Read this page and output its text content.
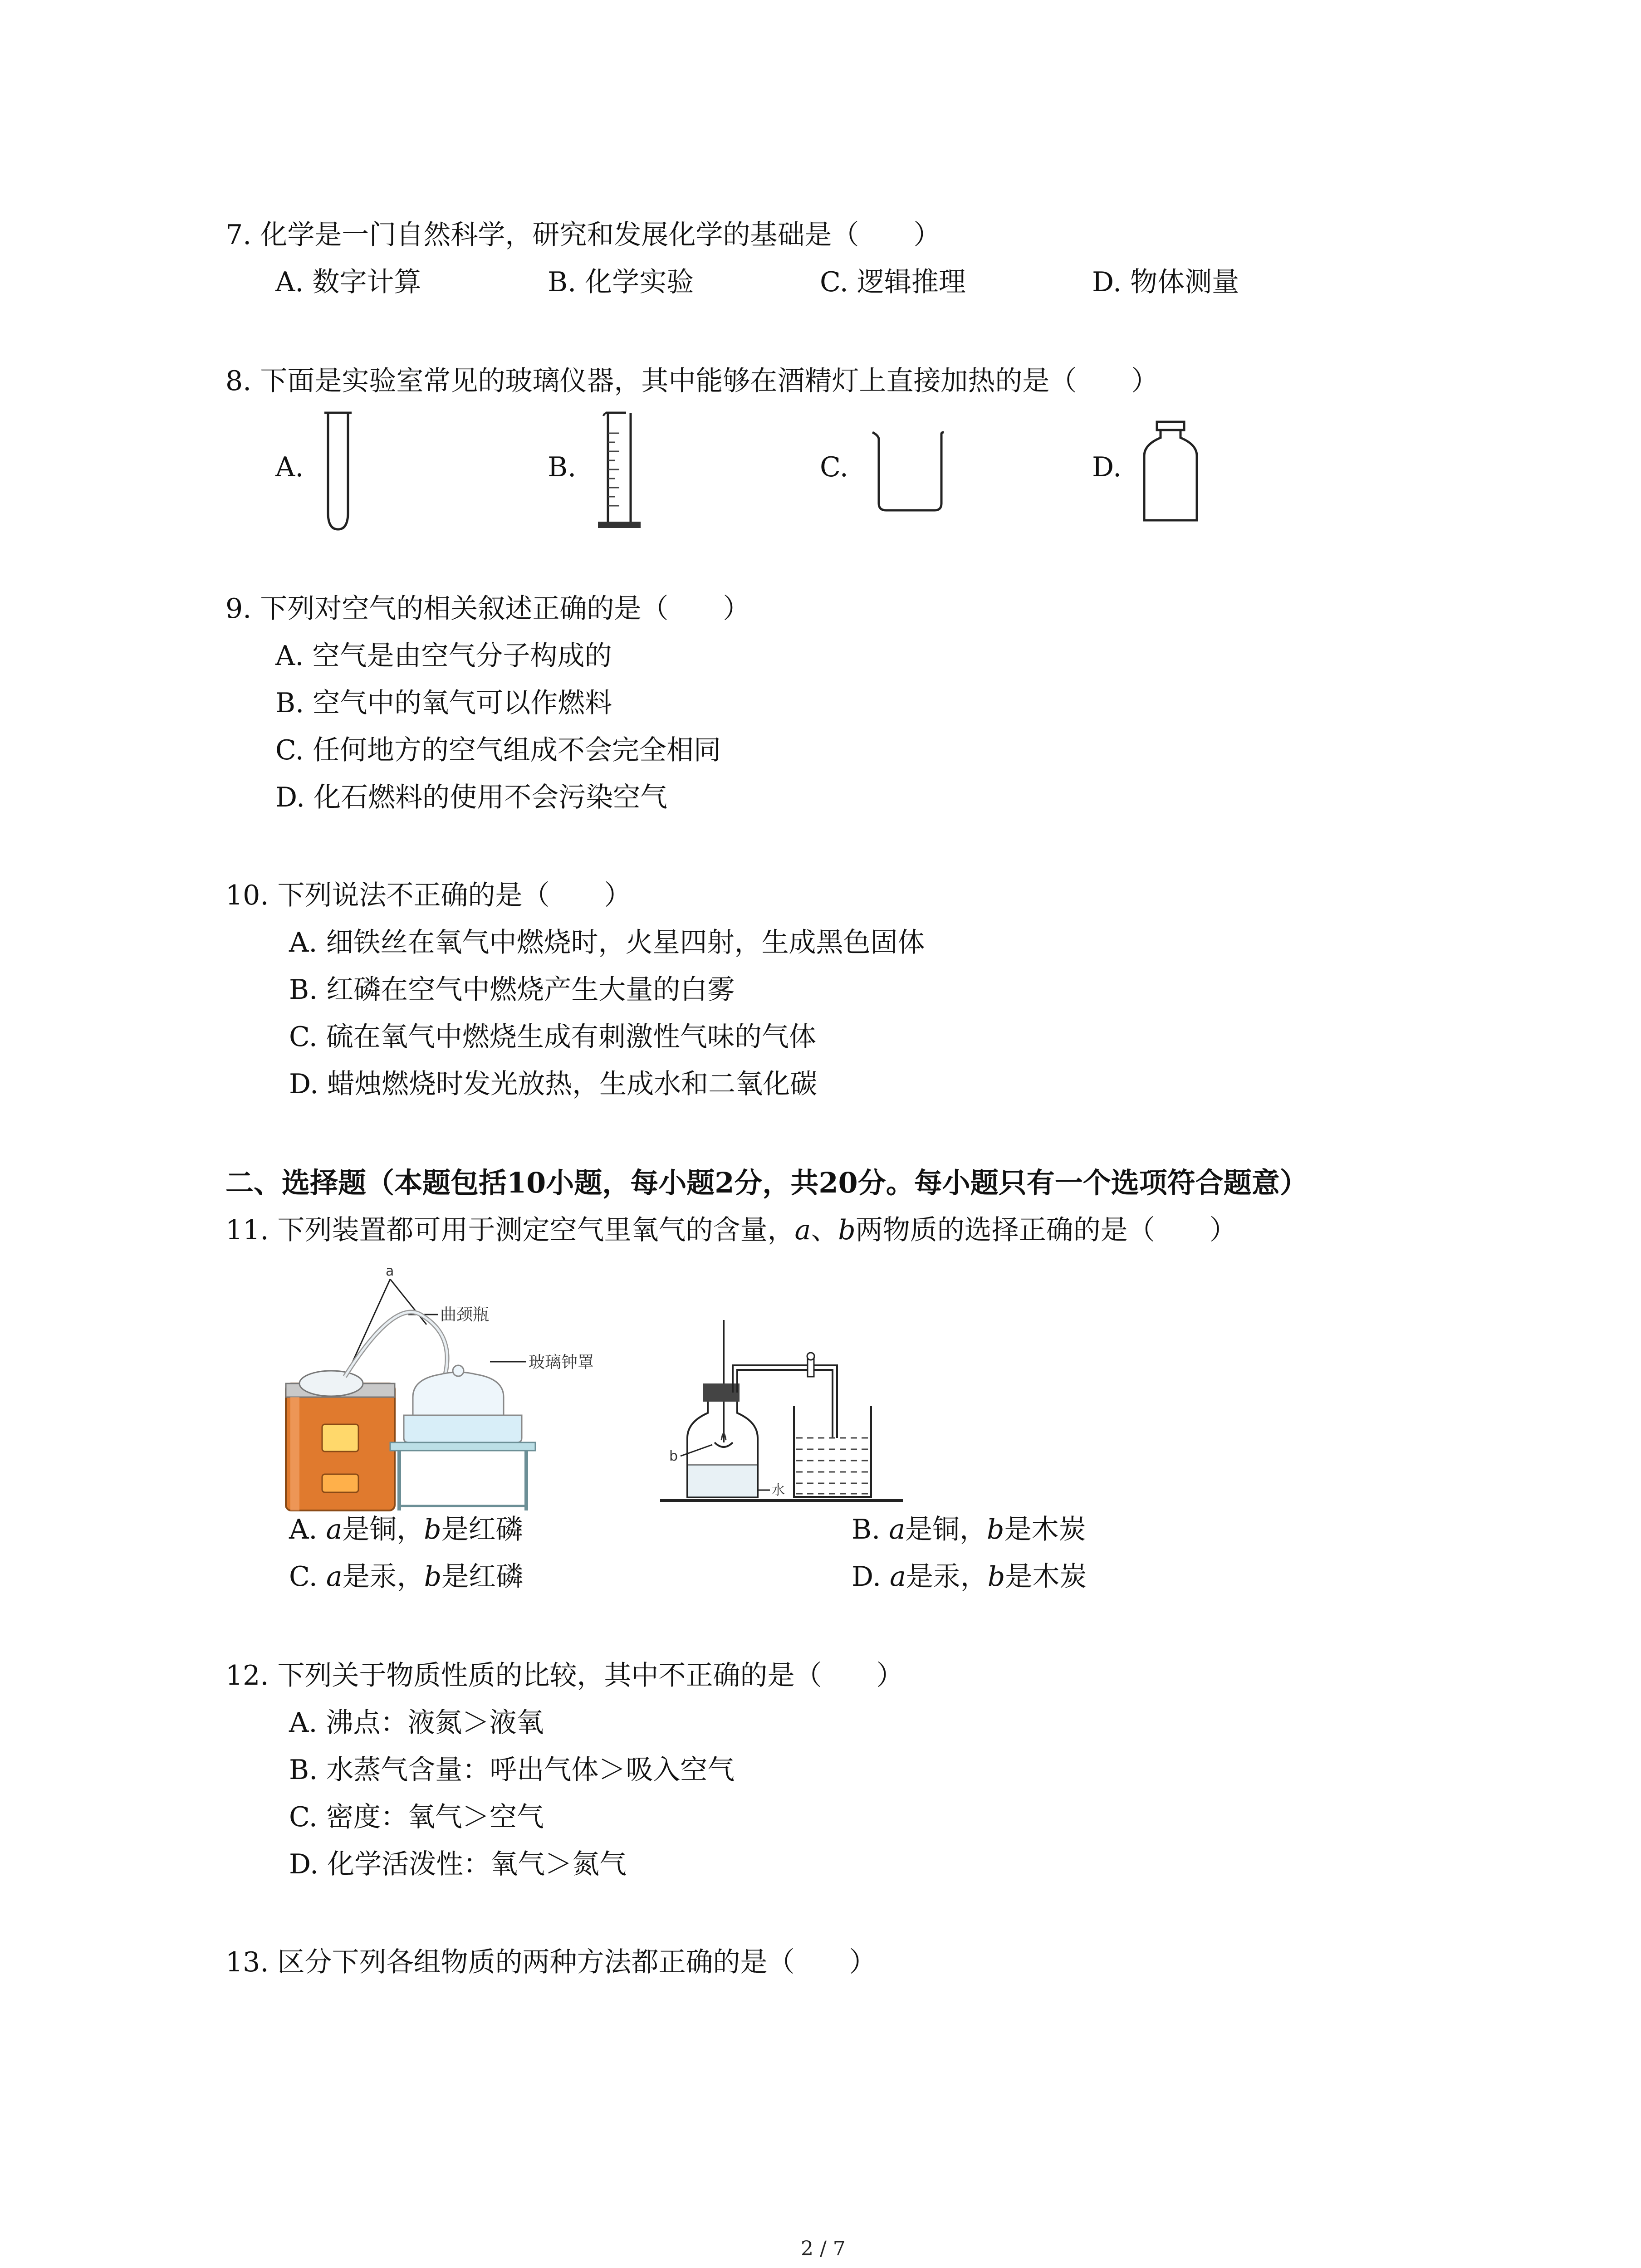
7. 化学是一门自然科学，研究和发展化学的基础是（　　）
A. 数字计算	B. 化学实验	C. 逻辑推理	D. 物体测量
8. 下面是实验室常见的玻璃仪器，其中能够在酒精灯上直接加热的是（　　）
A.	B.	C.	D.
9. 下列对空气的相关叙述正确的是（　　）
A. 空气是由空气分子构成的
B. 空气中的氧气可以作燃料
C. 任何地方的空气组成不会完全相同
D. 化石燃料的使用不会污染空气
10. 下列说法不正确的是（　　）
A. 细铁丝在氧气中燃烧时，火星四射，生成黑色固体
B. 红磷在空气中燃烧产生大量的白雾
C. 硫在氧气中燃烧生成有刺激性气味的气体
D. 蜡烛燃烧时发光放热，生成水和二氧化碳
二、选择题（本题包括10小题，每小题2分，共20分。每小题只有一个选项符合题意）
11. 下列装置都可用于测定空气里氧气的含量，a、b两物质的选择正确的是（　　）
a
曲颈瓶
玻璃钟罩
b
水
A. a是铜，b是红磷	B. a是铜，b是木炭
C. a是汞，b是红磷	D. a是汞，b是木炭
12. 下列关于物质性质的比较，其中不正确的是（　　）
A. 沸点：液氮＞液氧
B. 水蒸气含量：呼出气体＞吸入空气
C. 密度：氧气＞空气
D. 化学活泼性：氧气＞氮气
13. 区分下列各组物质的两种方法都正确的是（　　）
2 / 7
